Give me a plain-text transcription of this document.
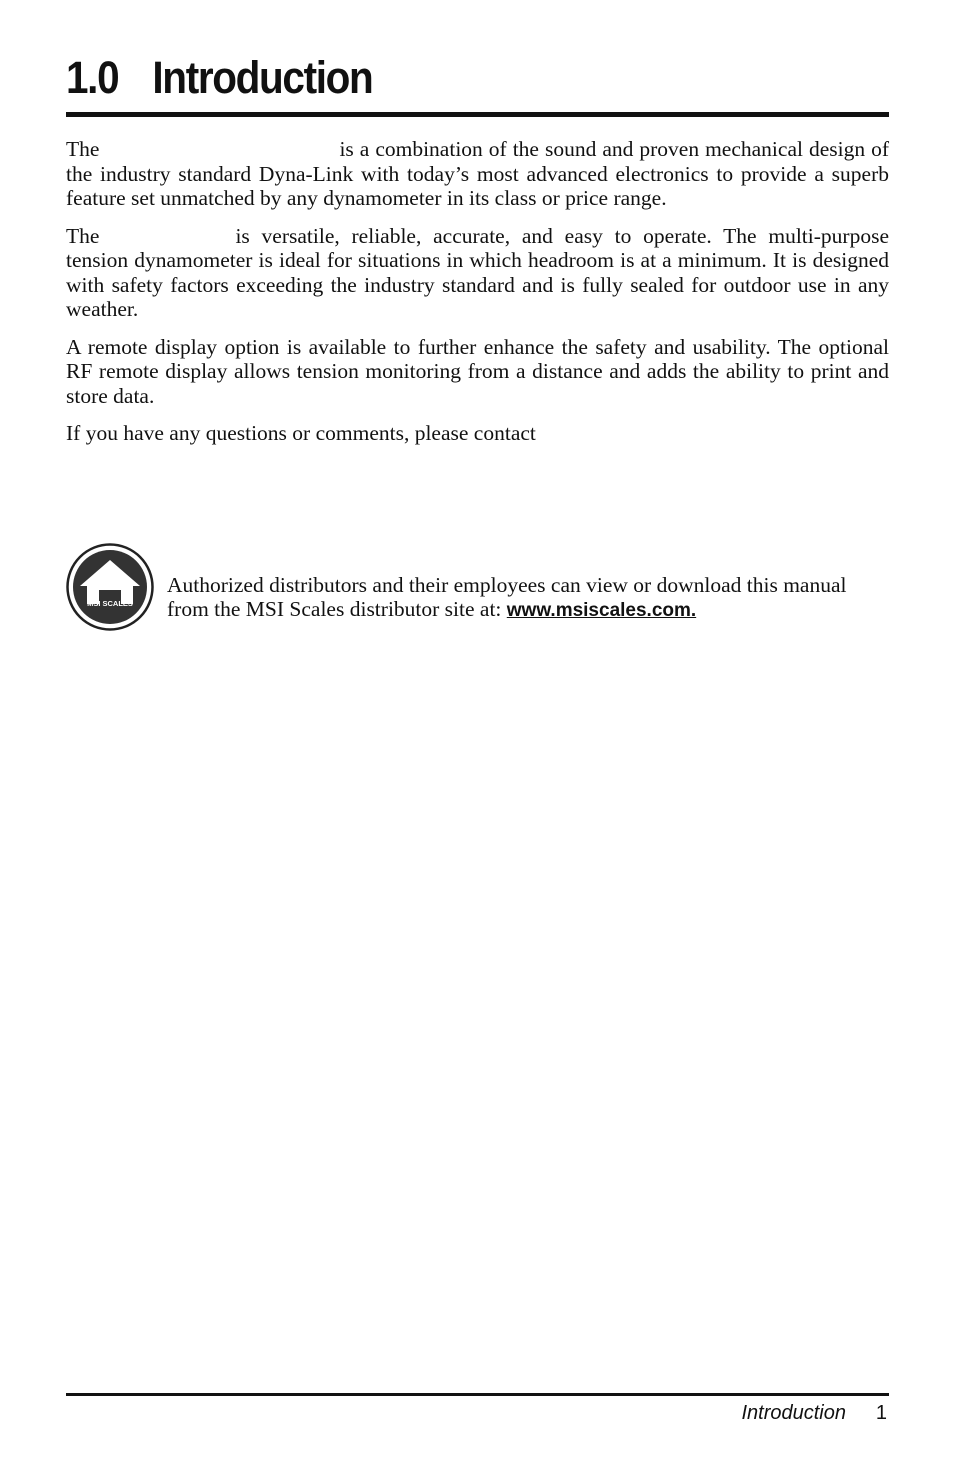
1.0 Introduction

The	is a combination of the sound and proven mechanical design of the industry standard Dyna-Link with today’s most advanced electronics to provide a superb feature set unmatched by any dynamometer in its class or price range.

The	is versatile, reliable, accurate, and easy to operate. The multi-purpose tension dynamometer is ideal for situations in which headroom is at a minimum. It is designed with safety factors exceeding the industry standard and is fully sealed for outdoor use in any weather.

A remote display option is available to further enhance the safety and usability. The optional RF remote display allows tension monitoring from a distance and adds the ability to print and store data.

If you have any questions or comments, please contact

MSI SCALES
Authorized distributors and their employees can view or download this manual from the MSI Scales distributor site at: www.msiscales.com.
Introduction 1
